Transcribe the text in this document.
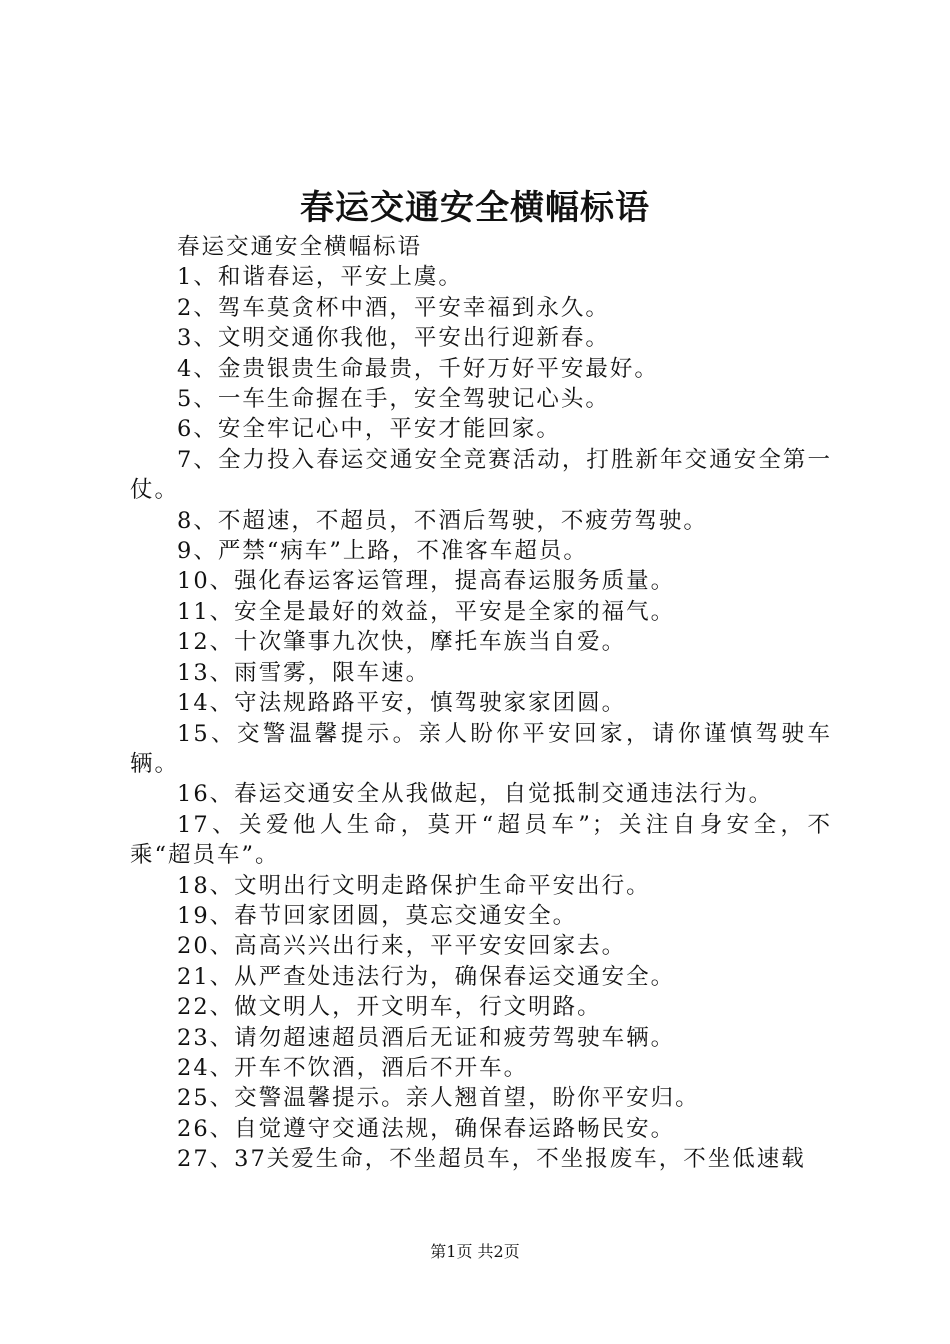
春运交通安全横幅标语

春运交通安全横幅标语

1、和谐春运，平安上虞。

2、驾车莫贪杯中酒，平安幸福到永久。

3、文明交通你我他，平安出行迎新春。

4、金贵银贵生命最贵，千好万好平安最好。

5、一车生命握在手，安全驾驶记心头。

6、安全牢记心中，平安才能回家。

7、全力投入春运交通安全竞赛活动，打胜新年交通安全第一仗。

8、不超速，不超员，不酒后驾驶，不疲劳驾驶。

9、严禁“病车”上路，不准客车超员。

10、强化春运客运管理，提高春运服务质量。

11、安全是最好的效益，平安是全家的福气。

12、十次肇事九次快，摩托车族当自爱。

13、雨雪雾，限车速。

14、守法规路路平安，慎驾驶家家团圆。

15、交警温馨提示。亲人盼你平安回家，请你谨慎驾驶车辆。

16、春运交通安全从我做起，自觉抵制交通违法行为。

17、关爱他人生命，莫开“超员车”；关注自身安全，不乘“超员车”。

18、文明出行文明走路保护生命平安出行。

19、春节回家团圆，莫忘交通安全。

20、高高兴兴出行来，平平安安回家去。

21、从严查处违法行为，确保春运交通安全。

22、做文明人，开文明车，行文明路。

23、请勿超速超员酒后无证和疲劳驾驶车辆。

24、开车不饮酒，酒后不开车。

25、交警温馨提示。亲人翘首望，盼你平安归。

26、自觉遵守交通法规，确保春运路畅民安。

27、37关爱生命，不坐超员车，不坐报废车，不坐低速载

第1页 共2页
